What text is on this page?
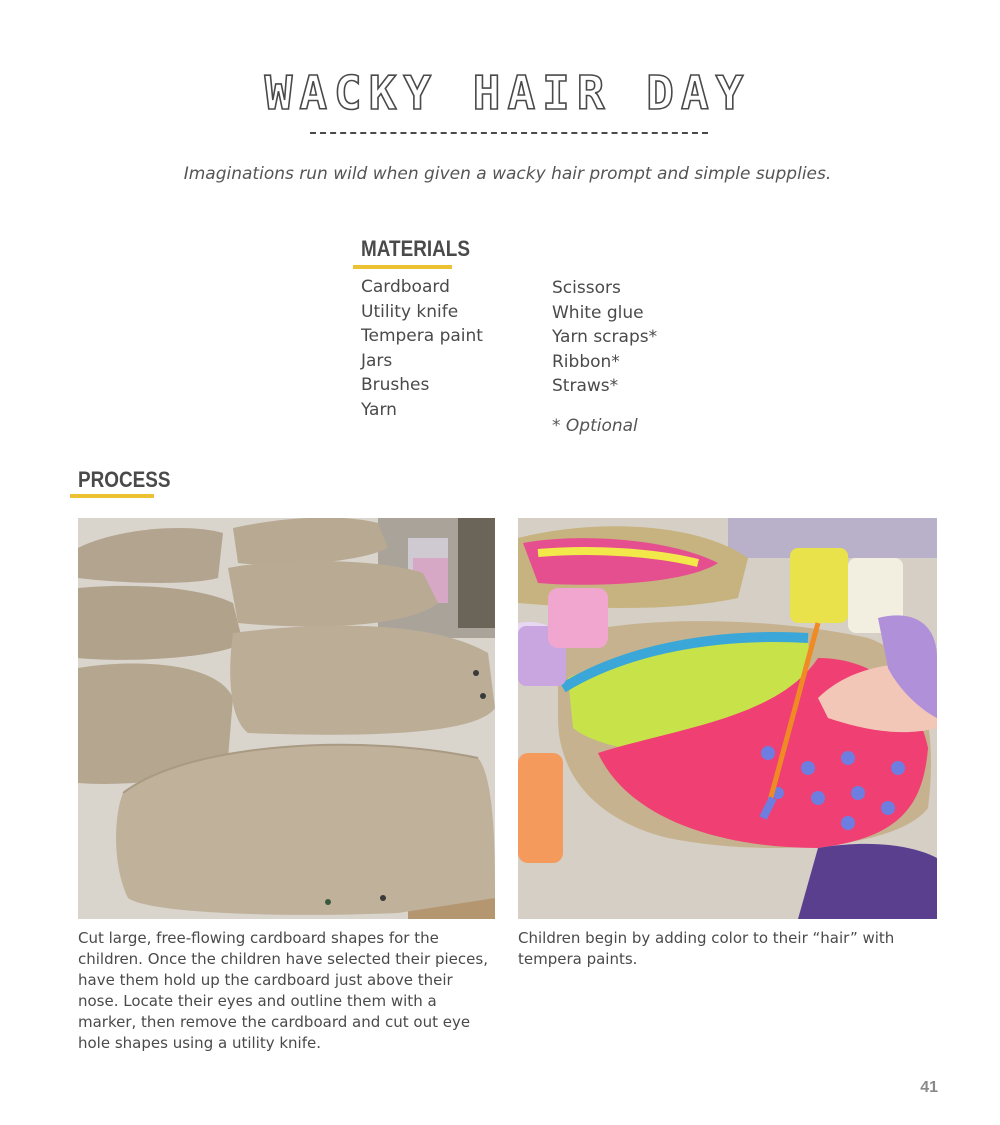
WACKY HAIR DAY
Imaginations run wild when given a wacky hair prompt and simple supplies.
MATERIALS
Cardboard
Utility knife
Tempera paint
Jars
Brushes
Yarn
Scissors
White glue
Yarn scraps*
Ribbon*
Straws*
* Optional
PROCESS
Cut large, free-flowing cardboard shapes for the children. Once the children have selected their pieces, have them hold up the cardboard just above their nose. Locate their eyes and outline them with a marker, then remove the cardboard and cut out eye hole shapes using a utility knife.
Children begin by adding color to their “hair” with tempera paints.
41
